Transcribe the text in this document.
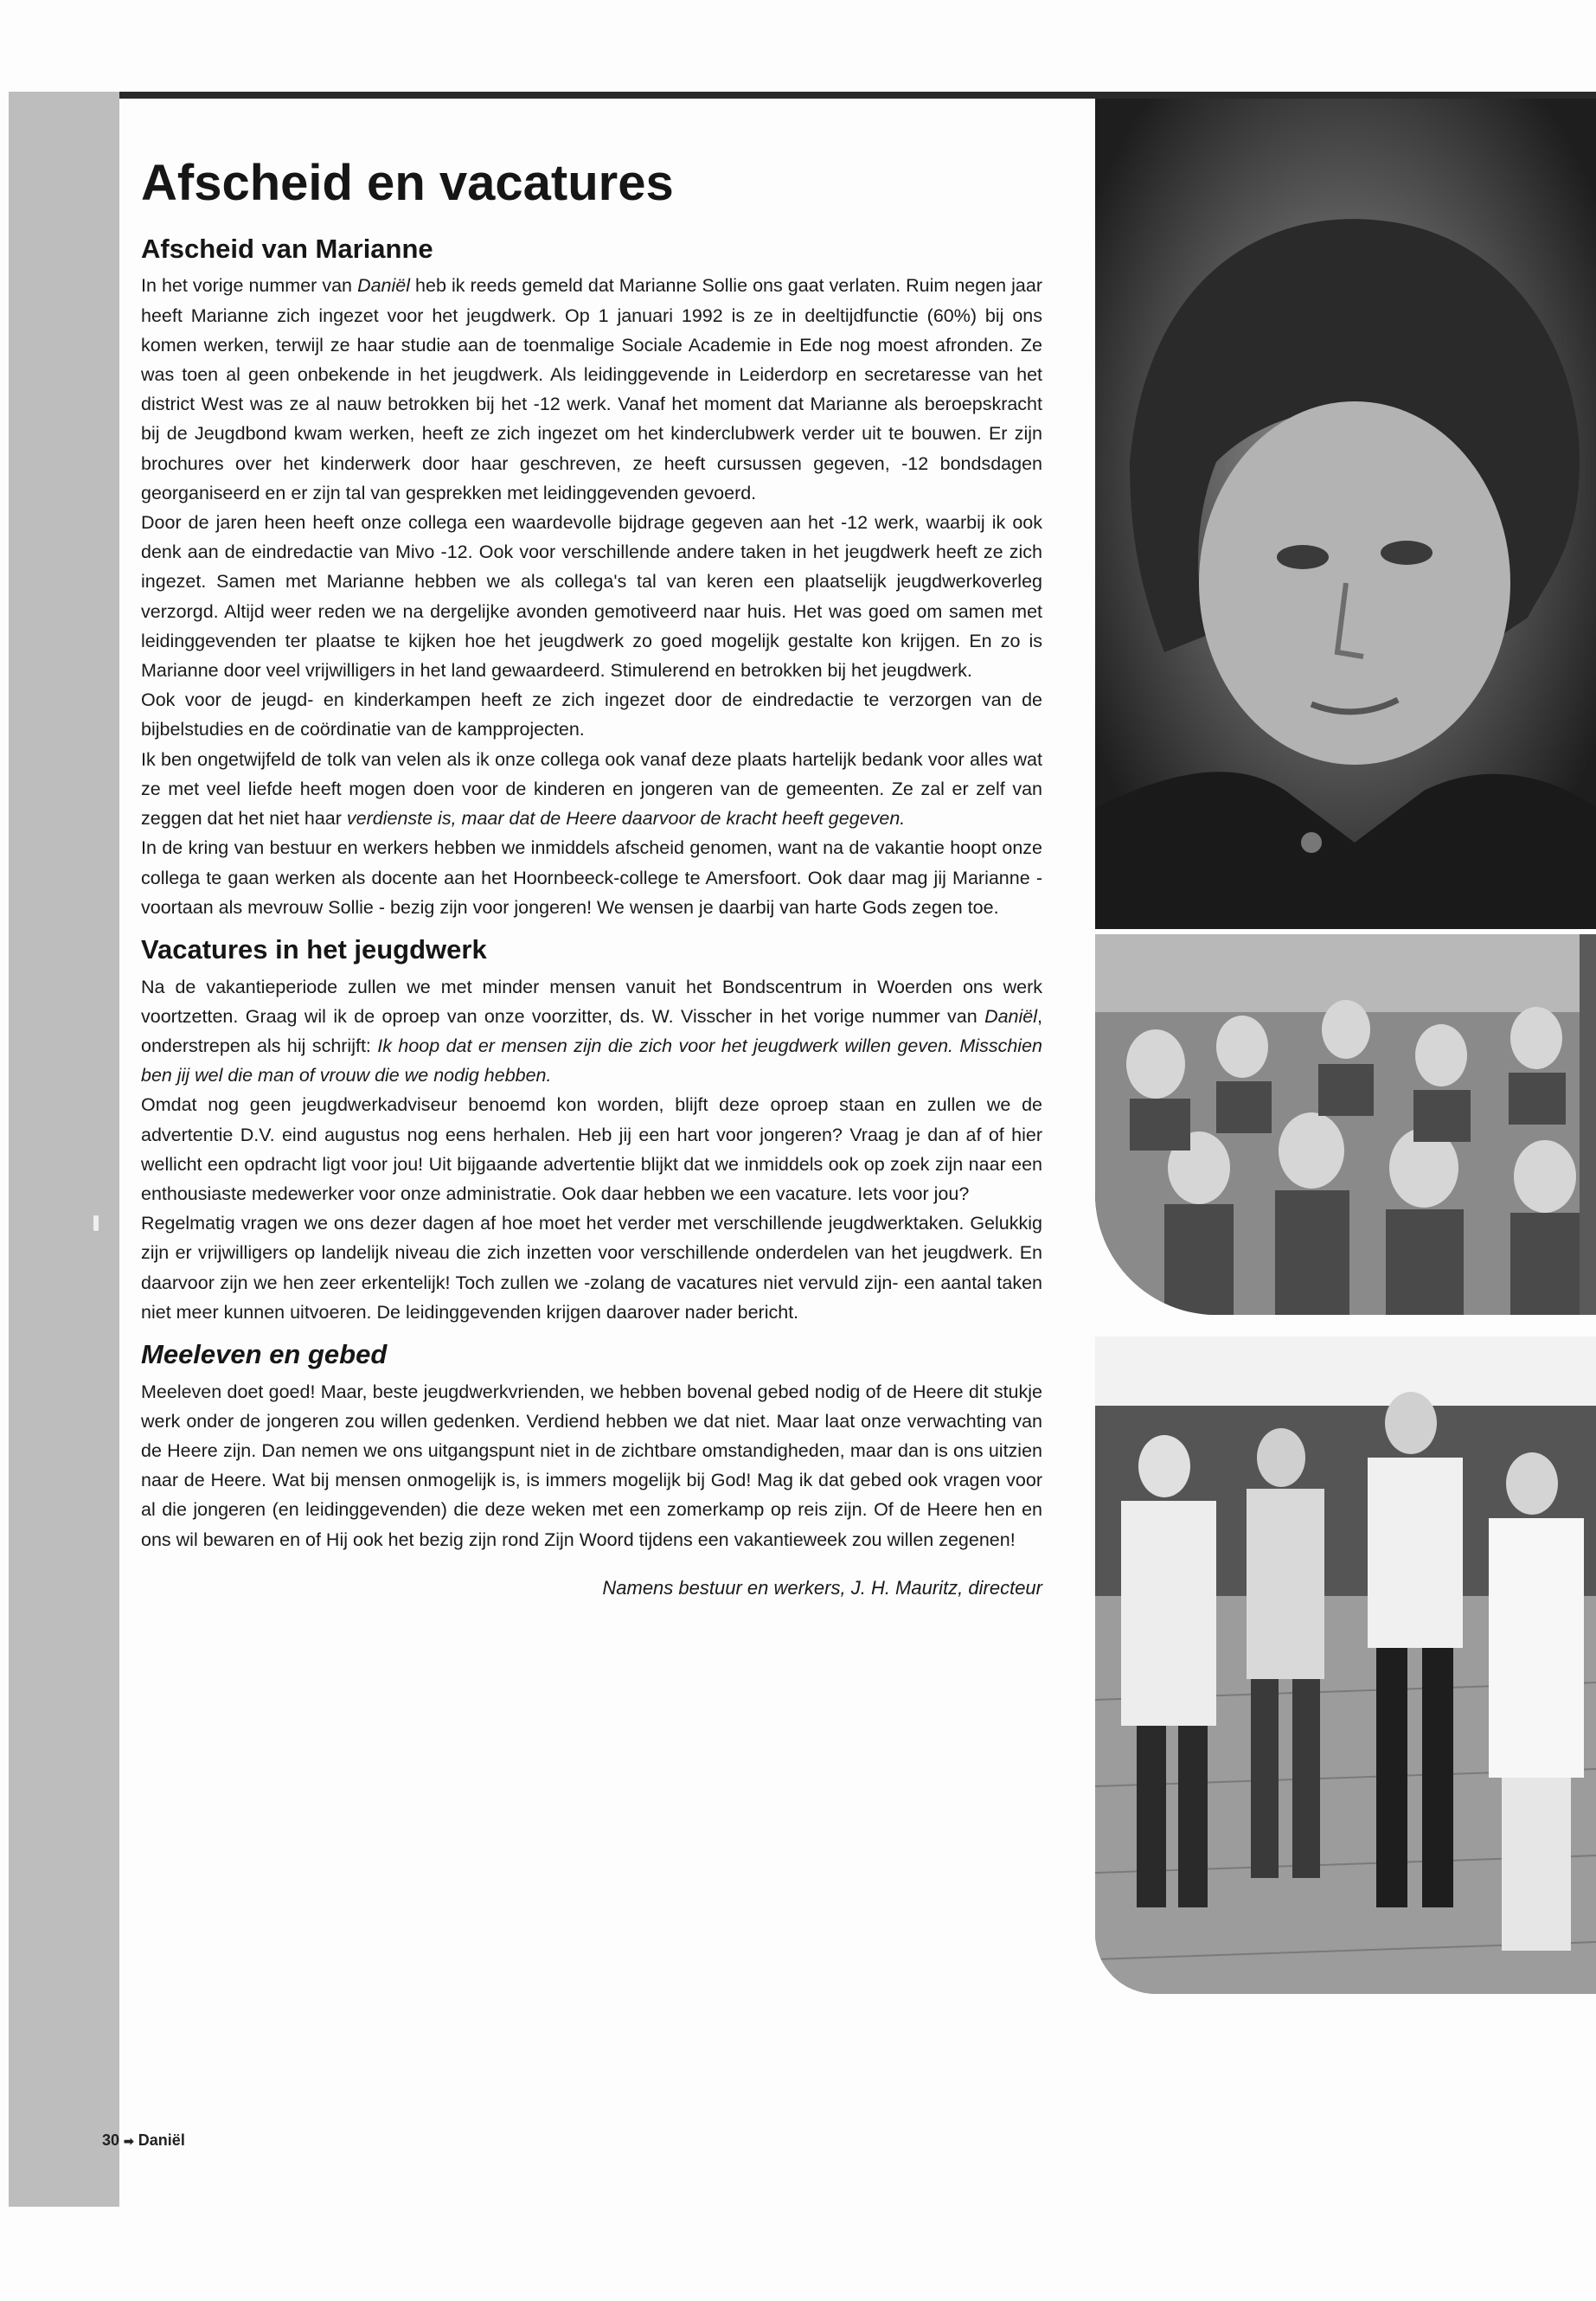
Afscheid en vacatures
Afscheid van Marianne

In het vorige nummer van Daniël heb ik reeds gemeld dat Marianne Sollie ons gaat verlaten. Ruim negen jaar heeft Marianne zich ingezet voor het jeugdwerk. Op 1 januari 1992 is ze in deeltijdfunctie (60%) bij ons komen werken, terwijl ze haar studie aan de toenmalige Sociale Academie in Ede nog moest afronden. Ze was toen al geen onbekende in het jeugdwerk. Als leidinggevende in Leiderdorp en secretaresse van het district West was ze al nauw betrokken bij het -12 werk. Vanaf het moment dat Marianne als beroepskracht bij de Jeugdbond kwam werken, heeft ze zich ingezet om het kinderclubwerk verder uit te bouwen. Er zijn brochures over het kinderwerk door haar geschreven, ze heeft cursussen gegeven, -12 bondsdagen georganiseerd en er zijn tal van gesprekken met leidinggevenden gevoerd.

Door de jaren heen heeft onze collega een waardevolle bijdrage gegeven aan het -12 werk, waarbij ik ook denk aan de eindredactie van Mivo -12. Ook voor verschillende andere taken in het jeugdwerk heeft ze zich ingezet. Samen met Marianne hebben we als collega's tal van keren een plaatselijk jeugdwerkoverleg verzorgd. Altijd weer reden we na dergelijke avonden gemotiveerd naar huis. Het was goed om samen met leidinggevenden ter plaatse te kijken hoe het jeugdwerk zo goed mogelijk gestalte kon krijgen. En zo is Marianne door veel vrijwilligers in het land gewaardeerd. Stimulerend en betrokken bij het jeugdwerk.

Ook voor de jeugd- en kinderkampen heeft ze zich ingezet door de eindredactie te verzorgen van de bijbelstudies en de coördinatie van de kampprojecten.

Ik ben ongetwijfeld de tolk van velen als ik onze collega ook vanaf deze plaats hartelijk bedank voor alles wat ze met veel liefde heeft mogen doen voor de kinderen en jongeren van de gemeenten. Ze zal er zelf van zeggen dat het niet haar verdienste is, maar dat de Heere daarvoor de kracht heeft gegeven.

In de kring van bestuur en werkers hebben we inmiddels afscheid genomen, want na de vakantie hoopt onze collega te gaan werken als docente aan het Hoornbeeck-college te Amersfoort. Ook daar mag jij Marianne - voortaan als mevrouw Sollie - bezig zijn voor jongeren! We wensen je daarbij van harte Gods zegen toe.

Vacatures in het jeugdwerk

Na de vakantieperiode zullen we met minder mensen vanuit het Bondscentrum in Woerden ons werk voortzetten. Graag wil ik de oproep van onze voorzitter, ds. W. Visscher in het vorige nummer van Daniël, onderstrepen als hij schrijft: Ik hoop dat er mensen zijn die zich voor het jeugdwerk willen geven. Misschien ben jij wel die man of vrouw die we nodig hebben.

Omdat nog geen jeugdwerkadviseur benoemd kon worden, blijft deze oproep staan en zullen we de advertentie D.V. eind augustus nog eens herhalen. Heb jij een hart voor jongeren? Vraag je dan af of hier wellicht een opdracht ligt voor jou! Uit bijgaande advertentie blijkt dat we inmiddels ook op zoek zijn naar een enthousiaste medewerker voor onze administratie. Ook daar hebben we een vacature. Iets voor jou?

Regelmatig vragen we ons dezer dagen af hoe moet het verder met verschillende jeugdwerktaken. Gelukkig zijn er vrijwilligers op landelijk niveau die zich inzetten voor verschillende onderdelen van het jeugdwerk. En daarvoor zijn we hen zeer erkentelijk! Toch zullen we -zolang de vacatures niet vervuld zijn- een aantal taken niet meer kunnen uitvoeren. De leidinggevenden krijgen daarover nader bericht.

Meeleven en gebed

Meeleven doet goed! Maar, beste jeugdwerkvrienden, we hebben bovenal gebed nodig of de Heere dit stukje werk onder de jongeren zou willen gedenken. Verdiend hebben we dat niet. Maar laat onze verwachting van de Heere zijn. Dan nemen we ons uitgangspunt niet in de zichtbare omstandigheden, maar dan is ons uitzien naar de Heere. Wat bij mensen onmogelijk is, is immers mogelijk bij God! Mag ik dat gebed ook vragen voor al die jongeren (en leidinggevenden) die deze weken met een zomerkamp op reis zijn. Of de Heere hen en ons wil bewaren en of Hij ook het bezig zijn rond Zijn Woord tijdens een vakantieweek zou willen zegenen!

Namens bestuur en werkers, J. H. Mauritz, directeur
30 ➡ Daniël
